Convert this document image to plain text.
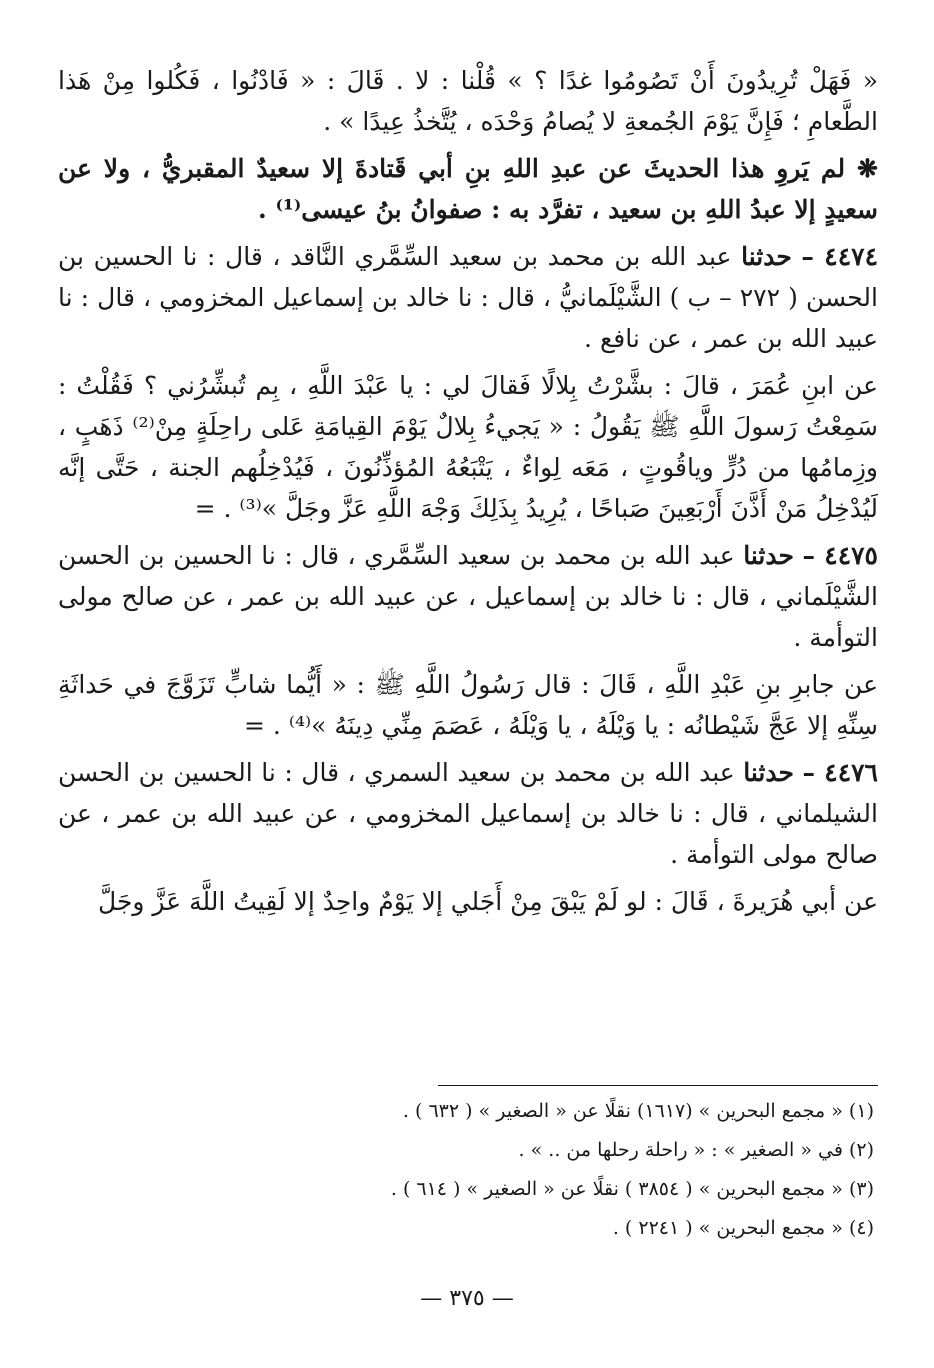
« فَهَلْ تُرِيدُونَ أَنْ تَصُومُوا غدًا ؟ » قُلْنا : لا . قَالَ : « فَادْنُوا ، فَكُلوا مِنْ هَذا الطَّعامِ ؛ فَإِنَّ يَوْمَ الجُمعةِ لا يُصامُ وَحْدَه ، يُتَّخذُ عِيدًا » .

❋ لم يَروِ هذا الحديثَ عن عبدِ اللهِ بنِ أبي قَتادةَ إلا سعيدٌ المقبريُّ ، ولا عن سعيدٍ إلا عبدُ اللهِ بن سعيد ، تفرَّد به : صفوانُ بنُ عيسى⁽¹⁾ .

٤٤٧٤ – حدثنا عبد الله بن محمد بن سعيد السِّمَّري النَّاقد ، قال : نا الحسين بن الحسن ( ٢٧٢ – ب ) الشَّيْلَمانيُّ ، قال : نا خالد بن إسماعيل المخزومي ، قال : نا عبيد الله بن عمر ، عن نافع .

عن ابنِ عُمَرَ ، قالَ : بشَّرْتُ بِلالًا فَقالَ لي : يا عَبْدَ اللَّهِ ، بِم تُبشِّرُني ؟ فَقُلْتُ : سَمِعْتُ رَسولَ اللَّهِ ﷺ يَقُولُ : « يَجيءُ بِلالٌ يَوْمَ القِيامَةِ عَلى راحِلَةٍ مِنْ⁽²⁾ ذَهَبٍ ، وزِمامُها من دُرٍّ وياقُوتٍ ، مَعَه لِواءٌ ، يَتْبَعُهُ المُؤذِّنُونَ ، فَيُدْخِلُهم الجنة ، حَتَّى إنَّه لَيُدْخِلُ مَنْ أَذَّنَ أَرْبَعِينَ صَباحًا ، يُرِيدُ بِذَلِكَ وَجْهَ اللَّهِ عَزَّ وجَلَّ »⁽³⁾ . =

٤٤٧٥ – حدثنا عبد الله بن محمد بن سعيد السِّمَّري ، قال : نا الحسين بن الحسن الشَّيْلَماني ، قال : نا خالد بن إسماعيل ، عن عبيد الله بن عمر ، عن صالح مولى التوأمة .

عن جابرِ بنِ عَبْدِ اللَّهِ ، قَالَ : قال رَسُولُ اللَّهِ ﷺ : « أَيُّما شابٍّ تَزَوَّجَ في حَداثَةِ سِنِّهِ إلا عَجَّ شَيْطانُه : يا وَيْلَهُ ، يا وَيْلَهُ ، عَصَمَ مِنِّي دِينَهُ »⁽⁴⁾ . =

٤٤٧٦ – حدثنا عبد الله بن محمد بن سعيد السمري ، قال : نا الحسين بن الحسن الشيلماني ، قال : نا خالد بن إسماعيل المخزومي ، عن عبيد الله بن عمر ، عن صالح مولى التوأمة .

عن أبي هُرَيرةَ ، قَالَ : لو لَمْ يَبْقَ مِنْ أَجَلي إلا يَوْمٌ واحِدٌ إلا لَقِيتُ اللَّهَ عَزَّ وجَلَّ

(١) « مجمع البحرين » (١٦١٧) نقلًا عن « الصغير » ( ٦٣٢ ) .
(٢) في « الصغير » : « راحلة رحلها من .. » .
(٣) « مجمع البحرين » ( ٣٨٥٤ ) نقلًا عن « الصغير » ( ٦١٤ ) .
(٤) « مجمع البحرين » ( ٢٢٤١ ) .
— ٣٧٥ —
